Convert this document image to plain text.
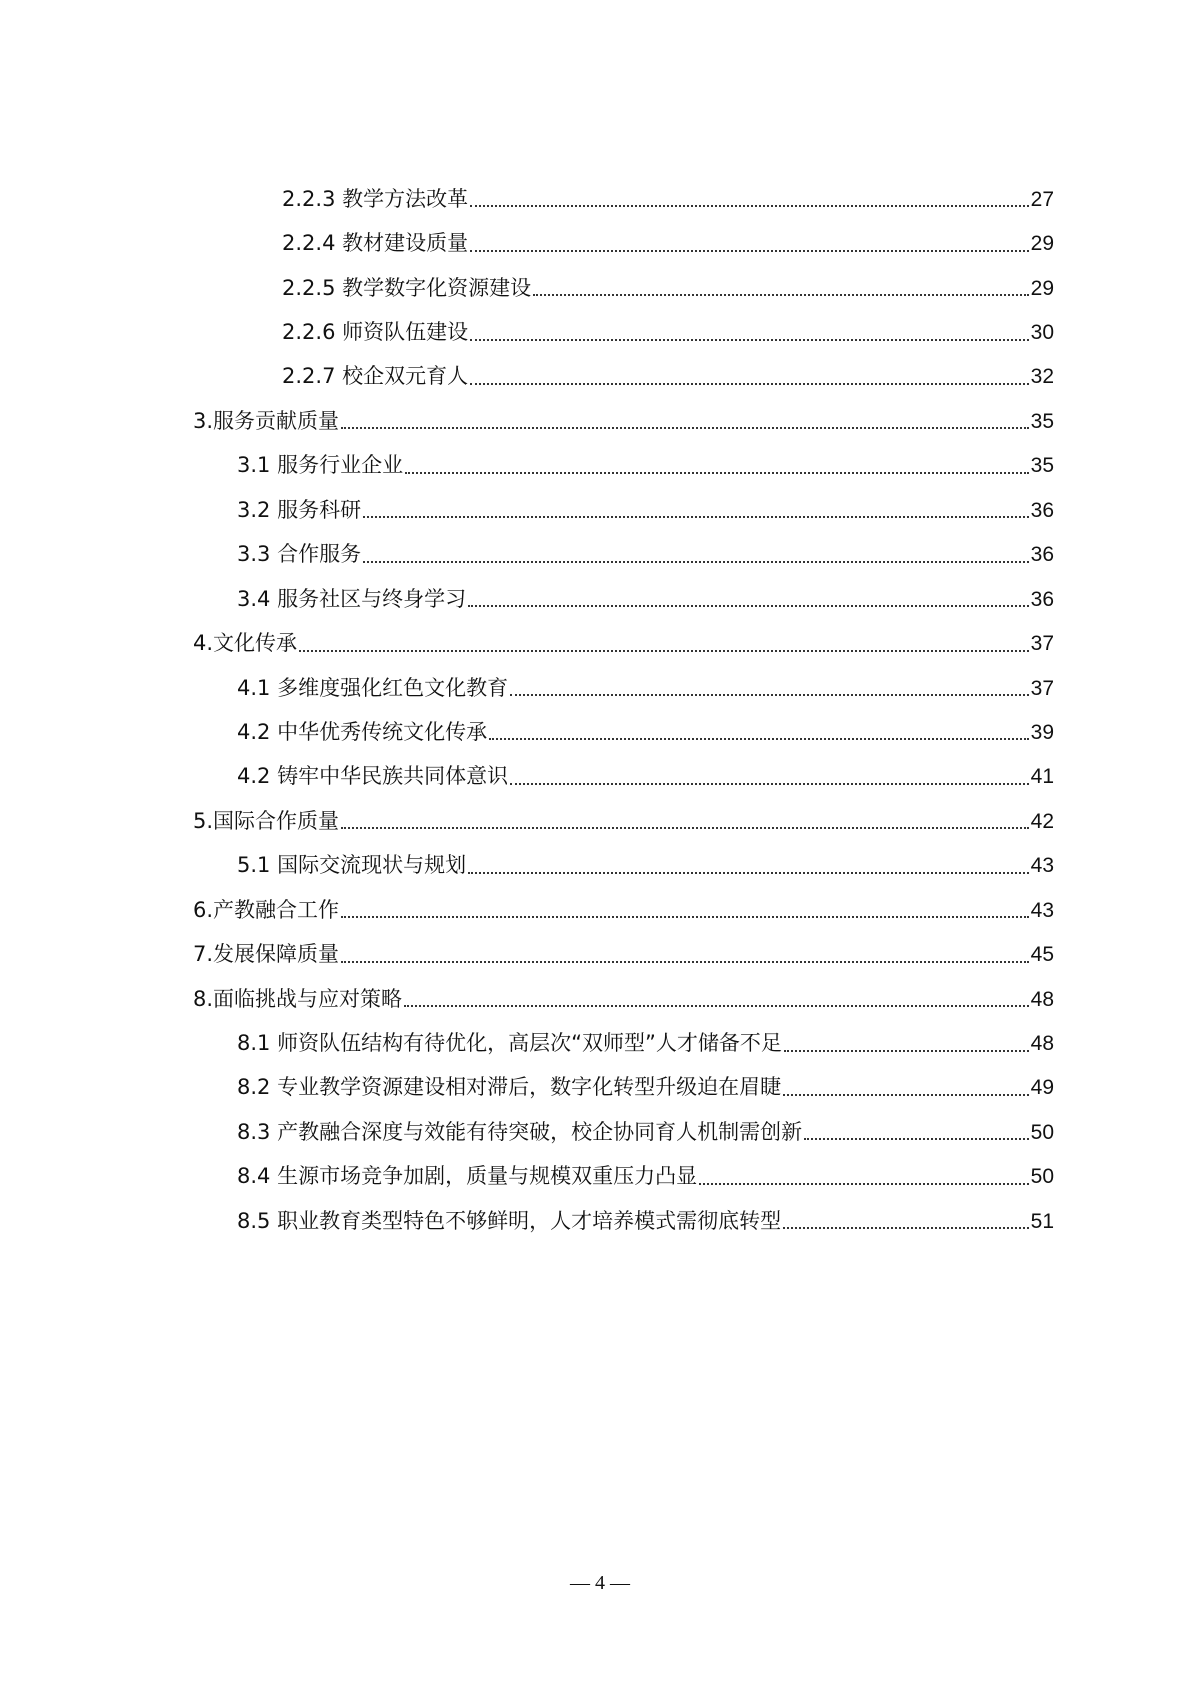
2.2.3 教学方法改革	27
2.2.4 教材建设质量	29
2.2.5 教学数字化资源建设	29
2.2.6 师资队伍建设	30
2.2.7 校企双元育人	32
3.服务贡献质量	35
3.1 服务行业企业	35
3.2 服务科研	36
3.3 合作服务	36
3.4 服务社区与终身学习	36
4.文化传承	37
4.1 多维度强化红色文化教育	37
4.2 中华优秀传统文化传承	39
4.2 铸牢中华民族共同体意识	41
5.国际合作质量	42
5.1 国际交流现状与规划	43
6.产教融合工作	43
7.发展保障质量	45
8.面临挑战与应对策略	48
8.1 师资队伍结构有待优化，高层次“双师型”人才储备不足	48
8.2 专业教学资源建设相对滞后，数字化转型升级迫在眉睫	49
8.3 产教融合深度与效能有待突破，校企协同育人机制需创新	50
8.4 生源市场竞争加剧，质量与规模双重压力凸显	50
8.5 职业教育类型特色不够鲜明，人才培养模式需彻底转型	51
— 4 —
